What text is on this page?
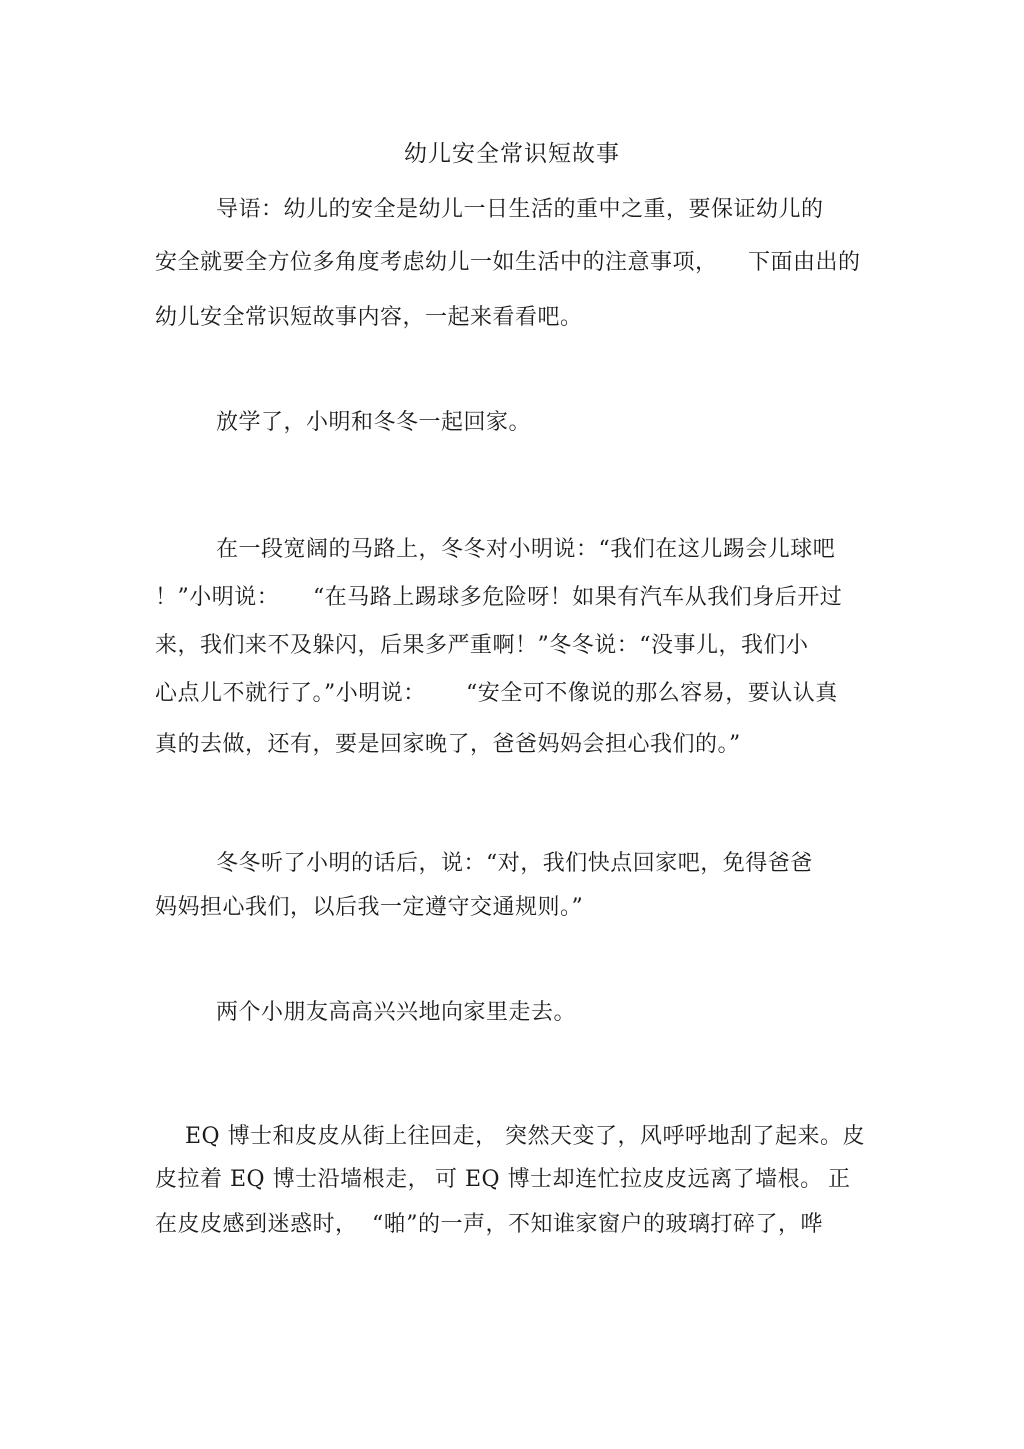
幼儿安全常识短故事
导语：幼儿的安全是幼儿一日生活的重中之重，要保证幼儿的
安全就要全方位多角度考虑幼儿一如生活中的注意事项， 下面由出的
幼儿安全常识短故事内容，一起来看看吧。
放学了，小明和冬冬一起回家。
在一段宽阔的马路上，冬冬对小明说：“我们在这儿踢会儿球吧
！”小明说： “在马路上踢球多危险呀！如果有汽车从我们身后开过
来，我们来不及躲闪，后果多严重啊！”冬冬说：“没事儿，我们小
心点儿不就行了。”小明说： “安全可不像说的那么容易，要认认真
真的去做，还有，要是回家晚了，爸爸妈妈会担心我们的。”
冬冬听了小明的话后，说：“对，我们快点回家吧，免得爸爸
妈妈担心我们，以后我一定遵守交通规则。”
两个小朋友高高兴兴地向家里走去。
EQ 博士和皮皮从街上往回走， 突然天变了，风呼呼地刮了起来。皮
皮拉着 EQ 博士沿墙根走， 可 EQ 博士却连忙拉皮皮远离了墙根。 正
在皮皮感到迷惑时， “啪”的一声，不知谁家窗户的玻璃打碎了，哗
